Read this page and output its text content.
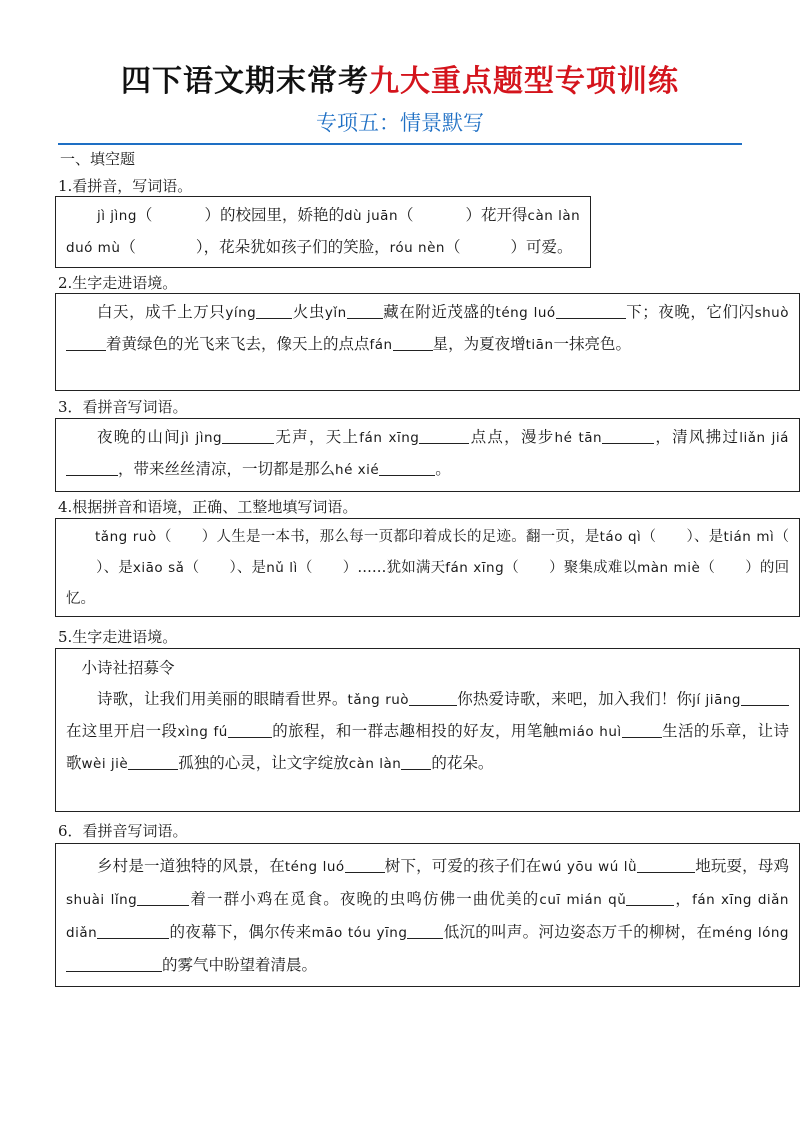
四下语文期末常考九大重点题型专项训练
专项五：情景默写
一、填空题
1.看拼音，写词语。

jì jìng（	）的校园里，娇艳的dù juān（	）花开得càn làn

duó mù（	），花朵犹如孩子们的笑脸，róu nèn（	）可爱。

2.生字走进语境。

白天，成千上万只yíng 火虫yǐn 藏在附近茂盛的téng luó	下；夜晚，它们闪shuò着黄绿色的光飞来飞去，像天上的点点fán	星，为夏夜增tiān一抹亮色。

3．看拼音写词语。

夜晚的山间jì jìng	无声，天上fán xīng	点点，漫步hé tān	，清风拂过liǎn jiá，带来丝丝清凉，一切都是那么hé xié	。

4.根据拼音和语境，正确、工整地填写词语。

tǎng ruò（ ）人生是一本书，那么每一页都印着成长的足迹。翻一页，是táo qì（ ）、是tián mì（）、是xiāo sǎ（ ）、是nǔ lì（ ）……犹如满天fán xīng（ ）聚集成难以màn miè（ ）的回忆。

5.生字走进语境。

小诗社招募令

诗歌，让我们用美丽的眼睛看世界。tǎng ruò	你热爱诗歌，来吧，加入我们！你jí jiāng在这里开启一段xìng fú	的旅程，和一群志趣相投的好友，用笔触miáo huì	生活的乐章，让诗歌wèi jiè	孤独的心灵，让文字绽放càn làn 的花朵。

6．看拼音写词语。

乡村是一道独特的风景，在téng luó	树下，可爱的孩子们在wú yōu wú lǜ	地玩耍，母鸡shuài lǐng	着一群小鸡在觅食。夜晚的虫鸣仿佛一曲优美的cuī mián qǔ	，fán xīng diǎn diǎn	的夜幕下，偶尔传来māo tóu yīng 低沉的叫声。河边姿态万千的柳树，在méng lóng的雾气中盼望着清晨。
